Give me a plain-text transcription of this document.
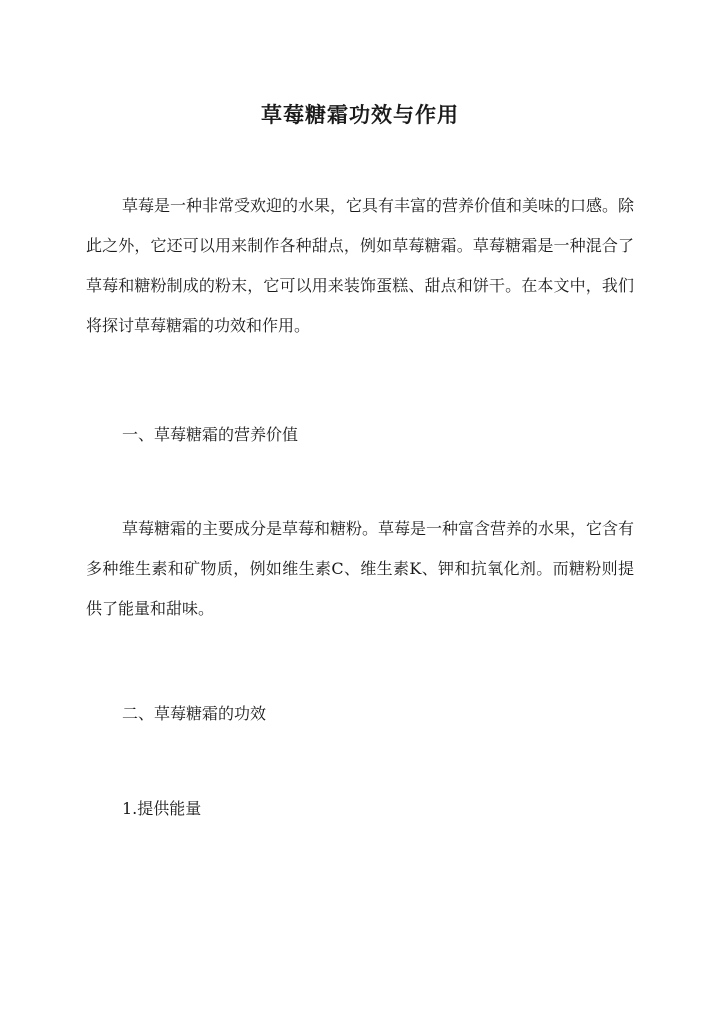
草莓糖霜功效与作用

草莓是一种非常受欢迎的水果，它具有丰富的营养价值和美味的口感。除此之外，它还可以用来制作各种甜点，例如草莓糖霜。草莓糖霜是一种混合了草莓和糖粉制成的粉末，它可以用来装饰蛋糕、甜点和饼干。在本文中，我们将探讨草莓糖霜的功效和作用。

一、草莓糖霜的营养价值

草莓糖霜的主要成分是草莓和糖粉。草莓是一种富含营养的水果，它含有多种维生素和矿物质，例如维生素C、维生素K、钾和抗氧化剂。而糖粉则提供了能量和甜味。

二、草莓糖霜的功效

1.提供能量
